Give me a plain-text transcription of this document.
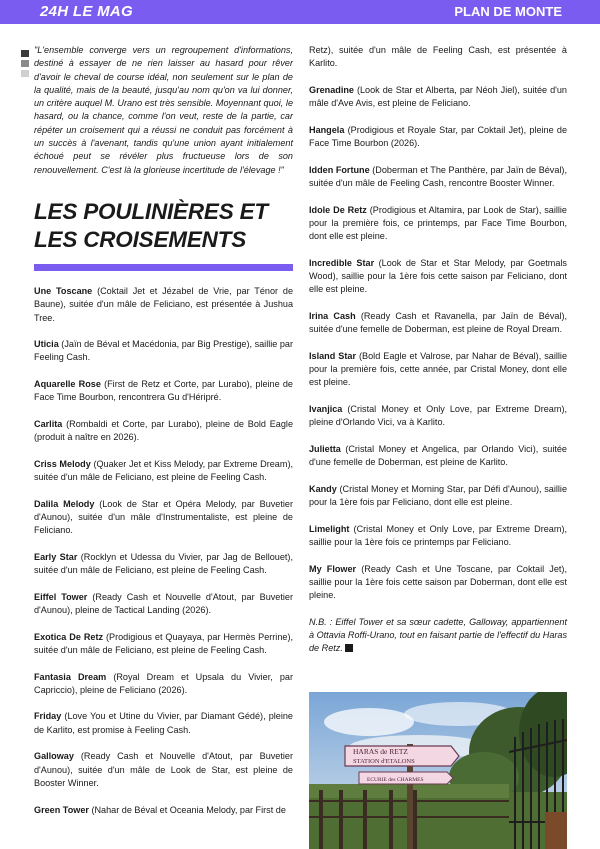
24H LE MAG	PLAN DE MONTE
"L'ensemble converge vers un regroupement d'informations, destiné à essayer de ne rien laisser au hasard pour rêver d'avoir le cheval de course idéal, non seulement sur le plan de la qualité, mais de la beauté, jusqu'au nom qu'on va lui donner, un critère auquel M. Urano est très sensible. Moyennant quoi, le hasard, ou la chance, comme l'on veut, reste de la partie, car répéter un croisement qui a réussi ne conduit pas forcément à un succès à l'avenant, tandis qu'une union ayant initialement échoué peut se révéler plus fructueuse lors de son renouvellement. C'est là la glorieuse incertitude de l'élevage !"
LES POULINIÈRES ET LES CROISEMENTS
Une Toscane (Coktail Jet et Jézabel de Vrie, par Ténor de Baune), suitée d'un mâle de Feliciano, est présentée à Jushua Tree.
Uticia (Jaïn de Béval et Macédonia, par Big Prestige), saillie par Feeling Cash.
Aquarelle Rose (First de Retz et Corte, par Lurabo), pleine de Face Time Bourbon, rencontrera Gu d'Héripré.
Carlita (Rombaldi et Corte, par Lurabo), pleine de Bold Eagle (produit à naître en 2026).
Criss Melody (Quaker Jet et Kiss Melody, par Extreme Dream), suitée d'un mâle de Feliciano, est pleine de Feeling Cash.
Dalila Melody (Look de Star et Opéra Melody, par Buvetier d'Aunou), suitée d'un mâle d'Instrumentaliste, est pleine de Feliciano.
Early Star (Rocklyn et Udessa du Vivier, par Jag de Bellouet), suitée d'un mâle de Feliciano, est pleine de Feeling Cash.
Eiffel Tower (Ready Cash et Nouvelle d'Atout, par Buvetier d'Aunou), pleine de Tactical Landing (2026).
Exotica De Retz (Prodigious et Quayaya, par Hermès Perrine), suitée d'un mâle de Feliciano, est pleine de Feeling Cash.
Fantasia Dream (Royal Dream et Upsala du Vivier, par Capriccio), pleine de Feliciano (2026).
Friday (Love You et Utine du Vivier, par Diamant Gédé), pleine de Karlito, est promise à Feeling Cash.
Galloway (Ready Cash et Nouvelle d'Atout, par Buvetier d'Aunou), suitée d'un mâle de Look de Star, est pleine de Booster Winner.
Green Tower (Nahar de Béval et Oceania Melody, par First de
Retz), suitée d'un mâle de Feeling Cash, est présentée à Karlito.
Grenadine (Look de Star et Alberta, par Néoh Jiel), suitée d'un mâle d'Ave Avis, est pleine de Feliciano.
Hangela (Prodigious et Royale Star, par Coktail Jet), pleine de Face Time Bourbon (2026).
Idden Fortune (Doberman et The Panthère, par Jaïn de Béval), suitée d'un mâle de Feeling Cash, rencontre Booster Winner.
Idole De Retz (Prodigious et Altamira, par Look de Star), saillie pour la première fois, ce printemps, par Face Time Bourbon, dont elle est pleine.
Incredible Star (Look de Star et Star Melody, par Goetmals Wood), saillie pour la 1ère fois cette saison par Feliciano, dont elle est pleine.
Irina Cash (Ready Cash et Ravanella, par Jaïn de Béval), suitée d'une femelle de Doberman, est pleine de Royal Dream.
Island Star (Bold Eagle et Valrose, par Nahar de Béval), saillie pour la première fois, cette année, par Cristal Money, dont elle est pleine.
Ivanjica (Cristal Money et Only Love, par Extreme Dream), pleine d'Orlando Vici, va à Karlito.
Julietta (Cristal Money et Angelica, par Orlando Vici), suitée d'une femelle de Doberman, est pleine de Karlito.
Kandy (Cristal Money et Morning Star, par Défi d'Aunou), saillie pour la 1ère fois par Feliciano, dont elle est pleine.
Limelight (Cristal Money et Only Love, par Extreme Dream), saillie pour la 1ère fois ce printemps par Feliciano.
My Flower (Ready Cash et Une Toscane, par Coktail Jet), saillie pour la 1ère fois cette saison par Doberman, dont elle est pleine.
N.B. : Eiffel Tower et sa sœur cadette, Galloway, appartiennent à Ottavia Roffi-Urano, tout en faisant partie de l'effectif du Haras de Retz.
HARAS de RETZ
STATION d'ETALONS
ECURIE des CHARMES
